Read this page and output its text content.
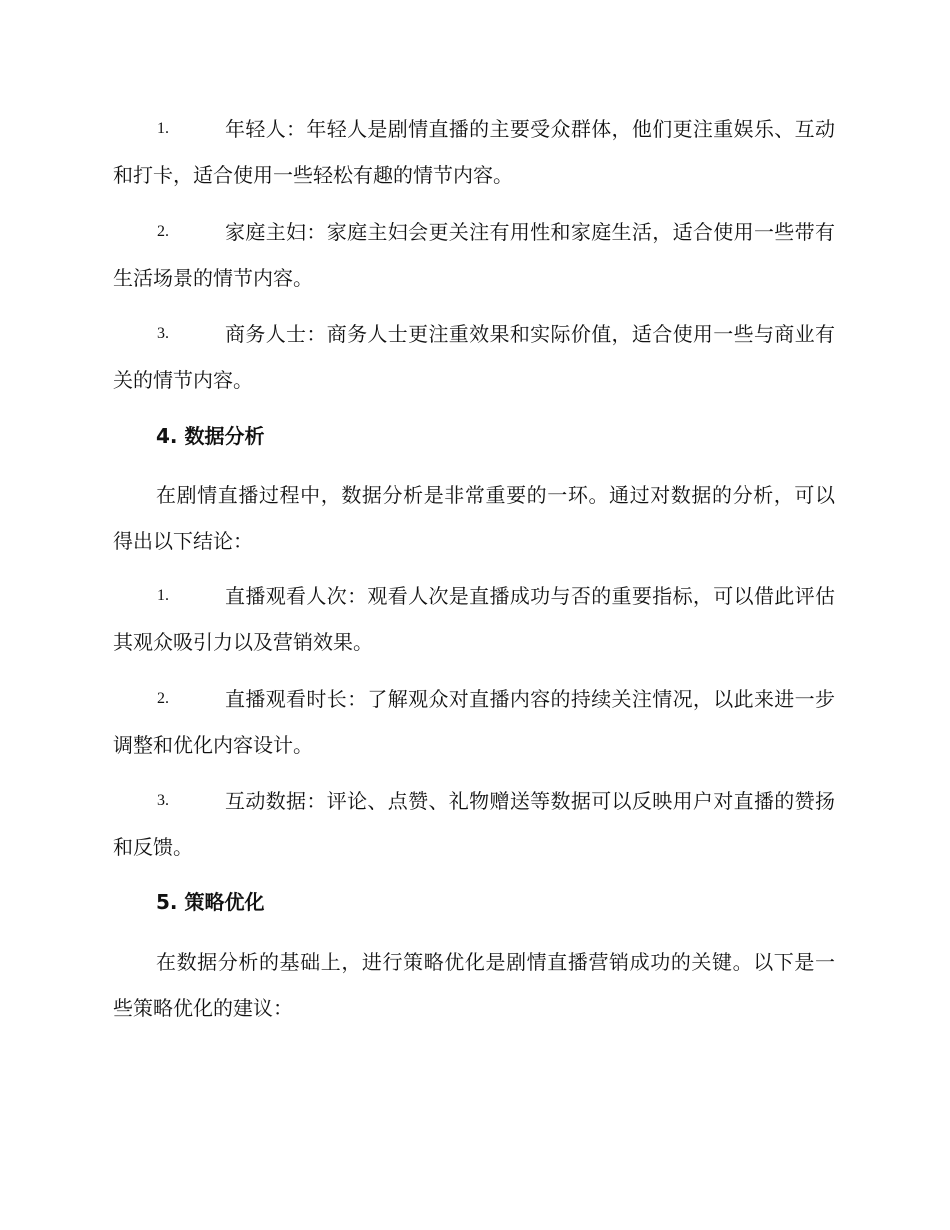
1.	年轻人：年轻人是剧情直播的主要受众群体，他们更注重娱乐、互动和打卡，适合使用一些轻松有趣的情节内容。
2.	家庭主妇：家庭主妇会更关注有用性和家庭生活，适合使用一些带有生活场景的情节内容。
3.	商务人士：商务人士更注重效果和实际价值，适合使用一些与商业有关的情节内容。
4. 数据分析
在剧情直播过程中，数据分析是非常重要的一环。通过对数据的分析，可以得出以下结论：
1.	直播观看人次：观看人次是直播成功与否的重要指标，可以借此评估其观众吸引力以及营销效果。
2.	直播观看时长：了解观众对直播内容的持续关注情况，以此来进一步调整和优化内容设计。
3.	互动数据：评论、点赞、礼物赠送等数据可以反映用户对直播的赞扬和反馈。
5. 策略优化
在数据分析的基础上，进行策略优化是剧情直播营销成功的关键。以下是一些策略优化的建议：
